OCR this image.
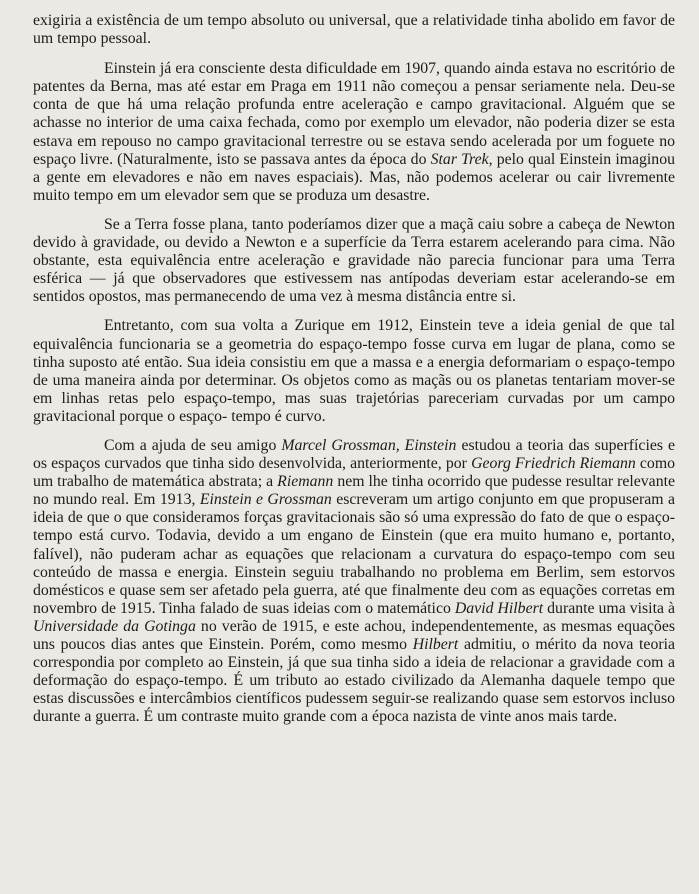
exigiria a existência de um tempo absoluto ou universal, que a relatividade tinha abolido em favor de um tempo pessoal.

Einstein já era consciente desta dificuldade em 1907, quando ainda estava no escritório de patentes da Berna, mas até estar em Praga em 1911 não começou a pensar seriamente nela. Deu-se conta de que há uma relação profunda entre aceleração e campo gravitacional. Alguém que se achasse no interior de uma caixa fechada, como por exemplo um elevador, não poderia dizer se esta estava em repouso no campo gravitacional terrestre ou se estava sendo acelerada por um foguete no espaço livre. (Naturalmente, isto se passava antes da época do Star Trek, pelo qual Einstein imaginou a gente em elevadores e não em naves espaciais). Mas, não podemos acelerar ou cair livremente muito tempo em um elevador sem que se produza um desastre.

Se a Terra fosse plana, tanto poderíamos dizer que a maçã caiu sobre a cabeça de Newton devido à gravidade, ou devido a Newton e a superfície da Terra estarem acelerando para cima. Não obstante, esta equivalência entre aceleração e gravidade não parecia funcionar para uma Terra esférica — já que observadores que estivessem nas antípodas deveriam estar acelerando-se em sentidos opostos, mas permanecendo de uma vez à mesma distância entre si.

Entretanto, com sua volta a Zurique em 1912, Einstein teve a ideia genial de que tal equivalência funcionaria se a geometria do espaço-tempo fosse curva em lugar de plana, como se tinha suposto até então. Sua ideia consistiu em que a massa e a energia deformariam o espaço-tempo de uma maneira ainda por determinar. Os objetos como as maçãs ou os planetas tentariam mover-se em linhas retas pelo espaço-tempo, mas suas trajetórias pareceriam curvadas por um campo gravitacional porque o espaço- tempo é curvo.

Com a ajuda de seu amigo Marcel Grossman, Einstein estudou a teoria das superfícies e os espaços curvados que tinha sido desenvolvida, anteriormente, por Georg Friedrich Riemann como um trabalho de matemática abstrata; a Riemann nem lhe tinha ocorrido que pudesse resultar relevante no mundo real. Em 1913, Einstein e Grossman escreveram um artigo conjunto em que propuseram a ideia de que o que consideramos forças gravitacionais são só uma expressão do fato de que o espaço-tempo está curvo. Todavia, devido a um engano de Einstein (que era muito humano e, portanto, falível), não puderam achar as equações que relacionam a curvatura do espaço-tempo com seu conteúdo de massa e energia. Einstein seguiu trabalhando no problema em Berlim, sem estorvos domésticos e quase sem ser afetado pela guerra, até que finalmente deu com as equações corretas em novembro de 1915. Tinha falado de suas ideias com o matemático David Hilbert durante uma visita à Universidade da Gotinga no verão de 1915, e este achou, independentemente, as mesmas equações uns poucos dias antes que Einstein. Porém, como mesmo Hilbert admitiu, o mérito da nova teoria correspondia por completo ao Einstein, já que sua tinha sido a ideia de relacionar a gravidade com a deformação do espaço-tempo. É um tributo ao estado civilizado da Alemanha daquele tempo que estas discussões e intercâmbios científicos pudessem seguir-se realizando quase sem estorvos incluso durante a guerra. É um contraste muito grande com a época nazista de vinte anos mais tarde.
